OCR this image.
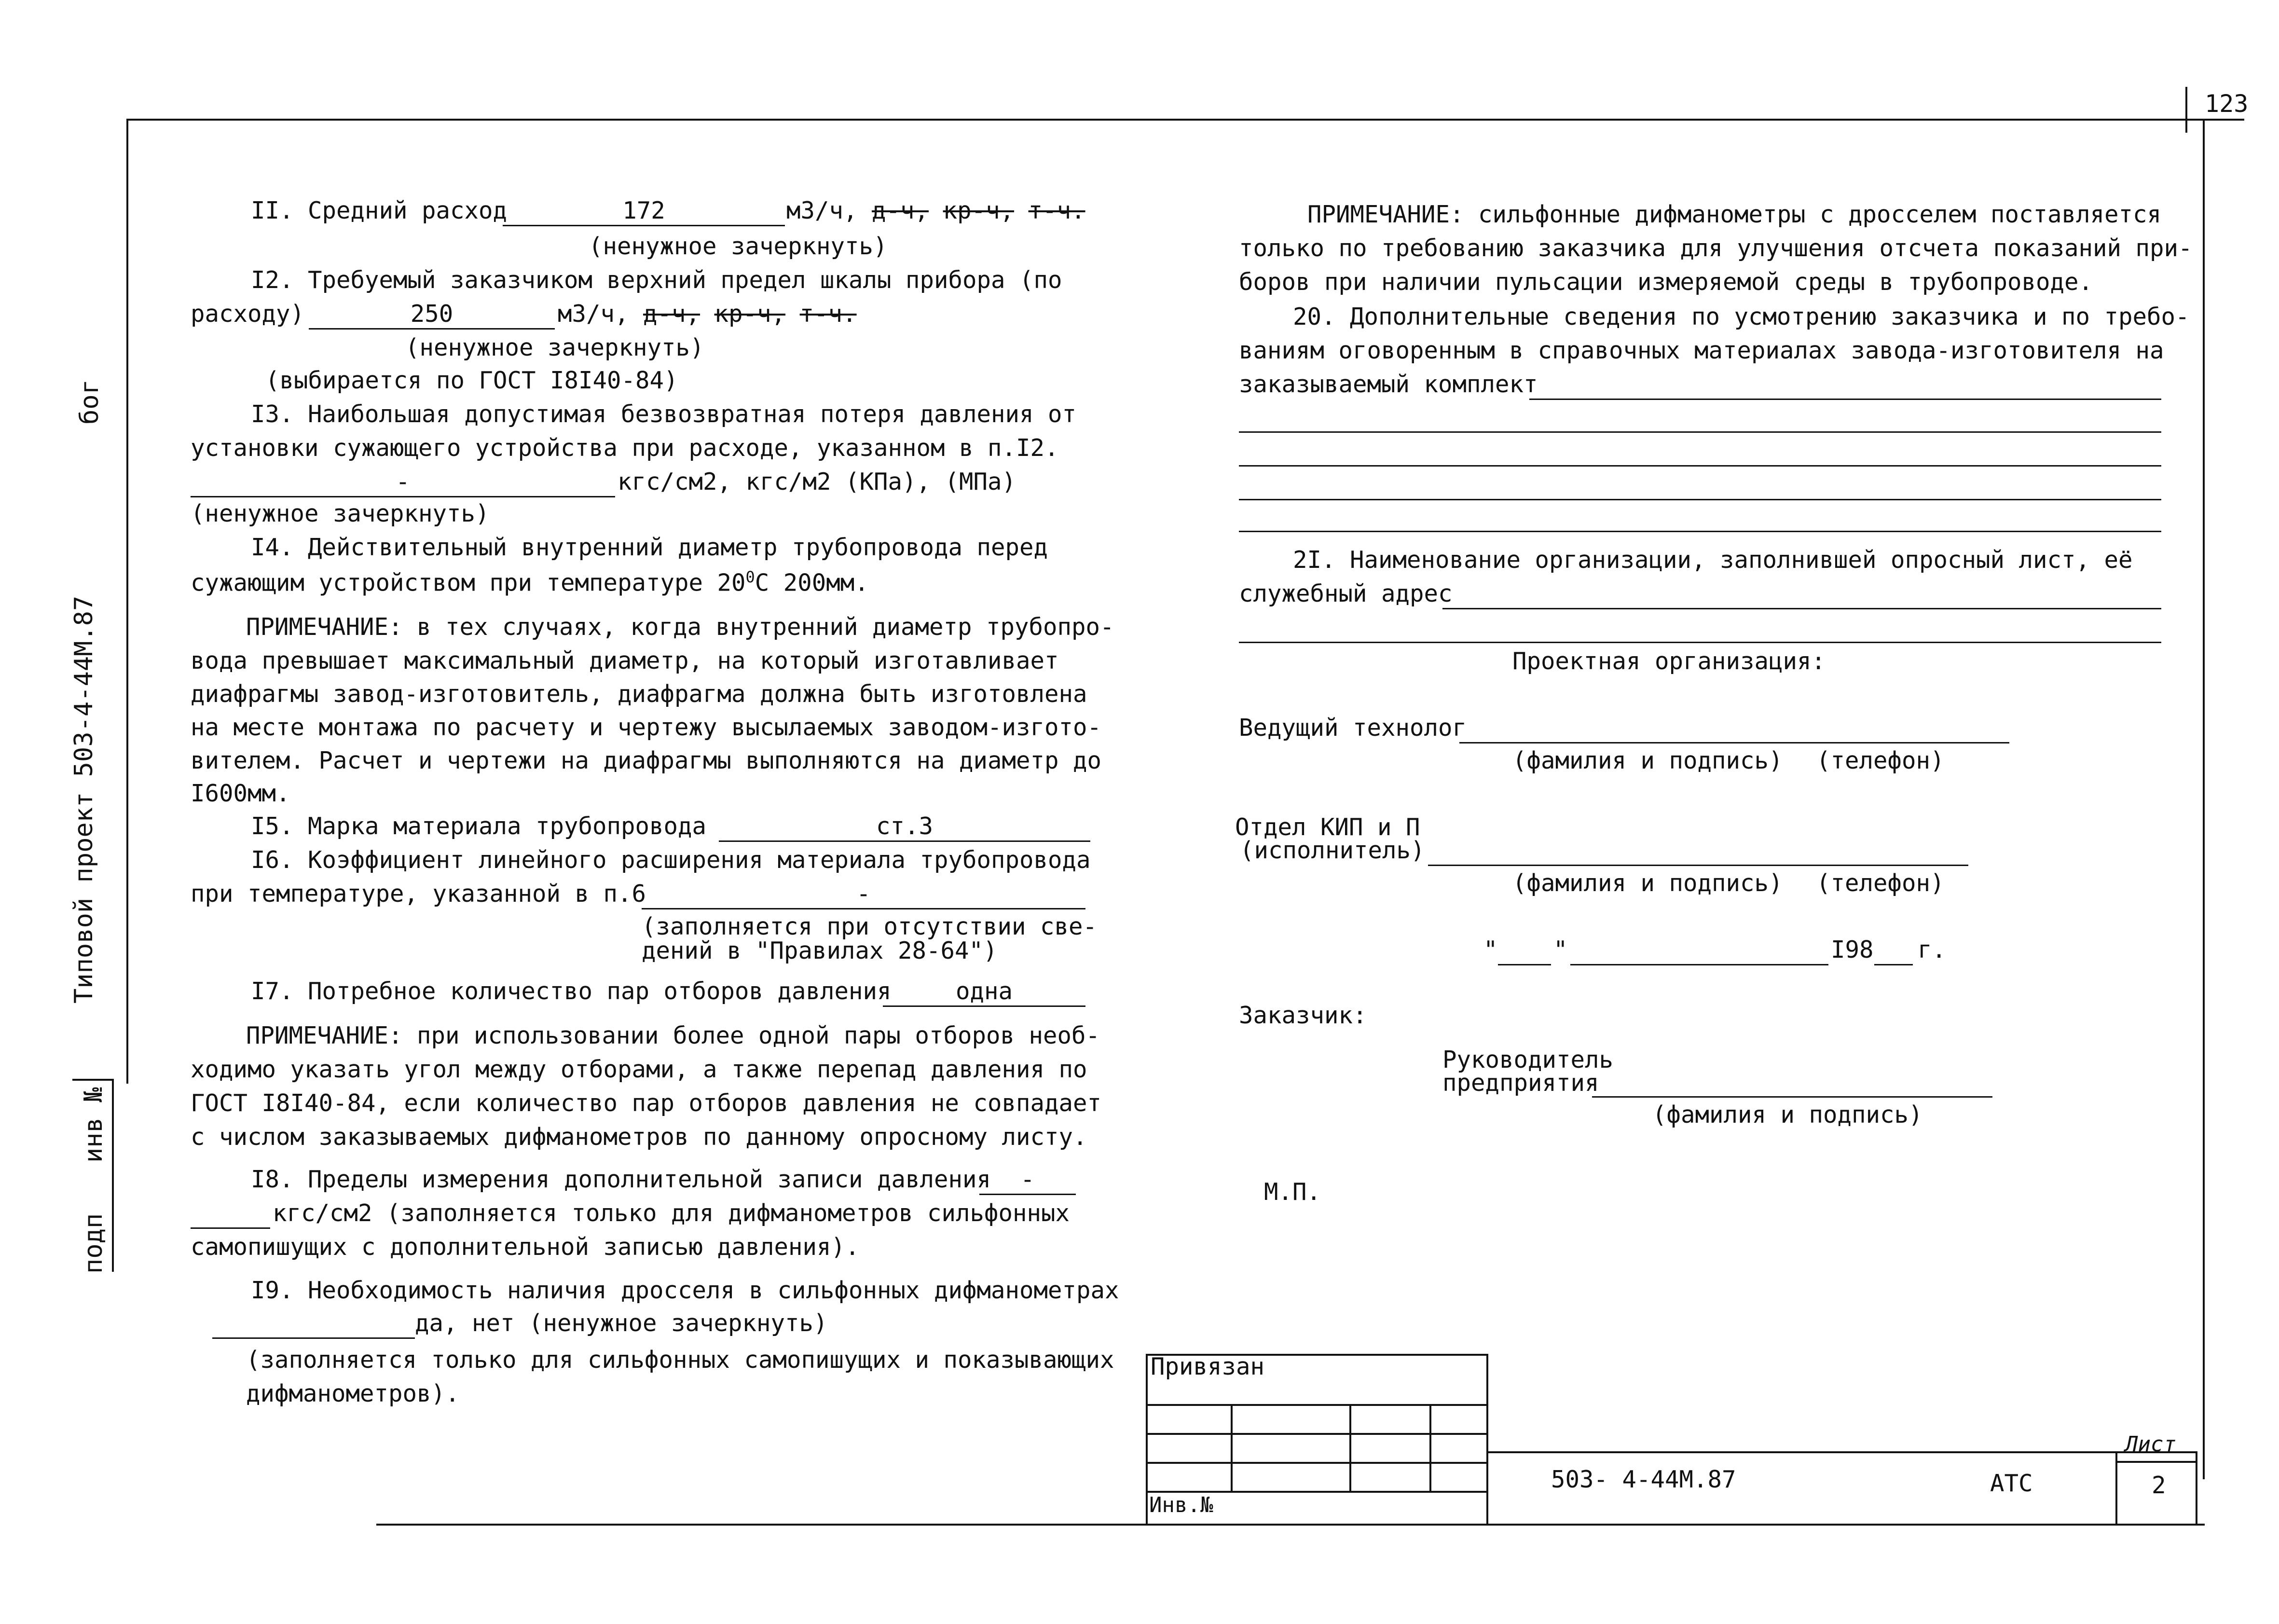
123
Типовой проект 503-4-44М.87
бог
инв №
подп
II. Средний расход	172	м3/ч, д-ч, кр-ч, т-ч.
(ненужное зачеркнуть)
I2. Требуемый заказчиком верхний предел шкалы прибора (по
расходу)	250	м3/ч, д-ч, кр-ч, т-ч.
(ненужное зачеркнуть)
(выбирается по ГОСТ I8I40-84)
I3. Наибольшая допустимая безвозвратная потеря давления от
установки сужающего устройства при расходе, указанном в п.I2.
-	кгс/см2, кгс/м2 (КПа), (МПа)
(ненужное зачеркнуть)
I4. Действительный внутренний диаметр трубопровода перед
сужающим устройством при температуре $20^0С$ 200мм.
ПРИМЕЧАНИЕ: в тех случаях, когда внутренний диаметр трубопро-
вода превышает максимальный диаметр, на который изготавливает
диафрагмы завод-изготовитель, диафрагма должна быть изготовлена
на месте монтажа по расчету и чертежу высылаемых заводом-изгото-
вителем. Расчет и чертежи на диафрагмы выполняются на диаметр до
I600мм.
I5. Марка материала трубопровода	ст.3
I6. Коэффициент линейного расширения материала трубопровода
при температуре, указанной в п.6	-
(заполняется при отсутствии све-
дений в "Правилах 28-64")
I7. Потребное количество пар отборов давления	одна
ПРИМЕЧАНИЕ: при использовании более одной пары отборов необ-
ходимо указать угол между отборами, а также перепад давления по
ГОСТ I8I40-84, если количество пар отборов давления не совпадает
с числом заказываемых дифманометров по данному опросному листу.
I8. Пределы измерения дополнительной записи давления	-
кгс/см2 (заполняется только для дифманометров сильфонных
самопишущих с дополнительной записью давления).
I9. Необходимость наличия дросселя в сильфонных дифманометрах
да, нет (ненужное зачеркнуть)
(заполняется только для сильфонных самопишущих и показывающих
дифманометров).
ПРИМЕЧАНИЕ: сильфонные дифманометры с дросселем поставляется
только по требованию заказчика для улучшения отсчета показаний при-
боров при наличии пульсации измеряемой среды в трубопроводе.
20. Дополнительные сведения по усмотрению заказчика и по требо-
ваниям оговоренным в справочных материалах завода-изготовителя на
заказываемый комплект
2I. Наименование организации, заполнившей опросный лист, её
служебный адрес
Проектная организация:
Ведущий технолог
(фамилия и подпись) (телефон)
Отдел КИП и П
(исполнитель)
(фамилия и подпись) (телефон)
" "	I98 г.
Заказчик:
Руководитель
предприятия
(фамилия и подпись)
М.П.
Привязан
Инв.№
503- 4-44М.87	АТС
Лист
2
